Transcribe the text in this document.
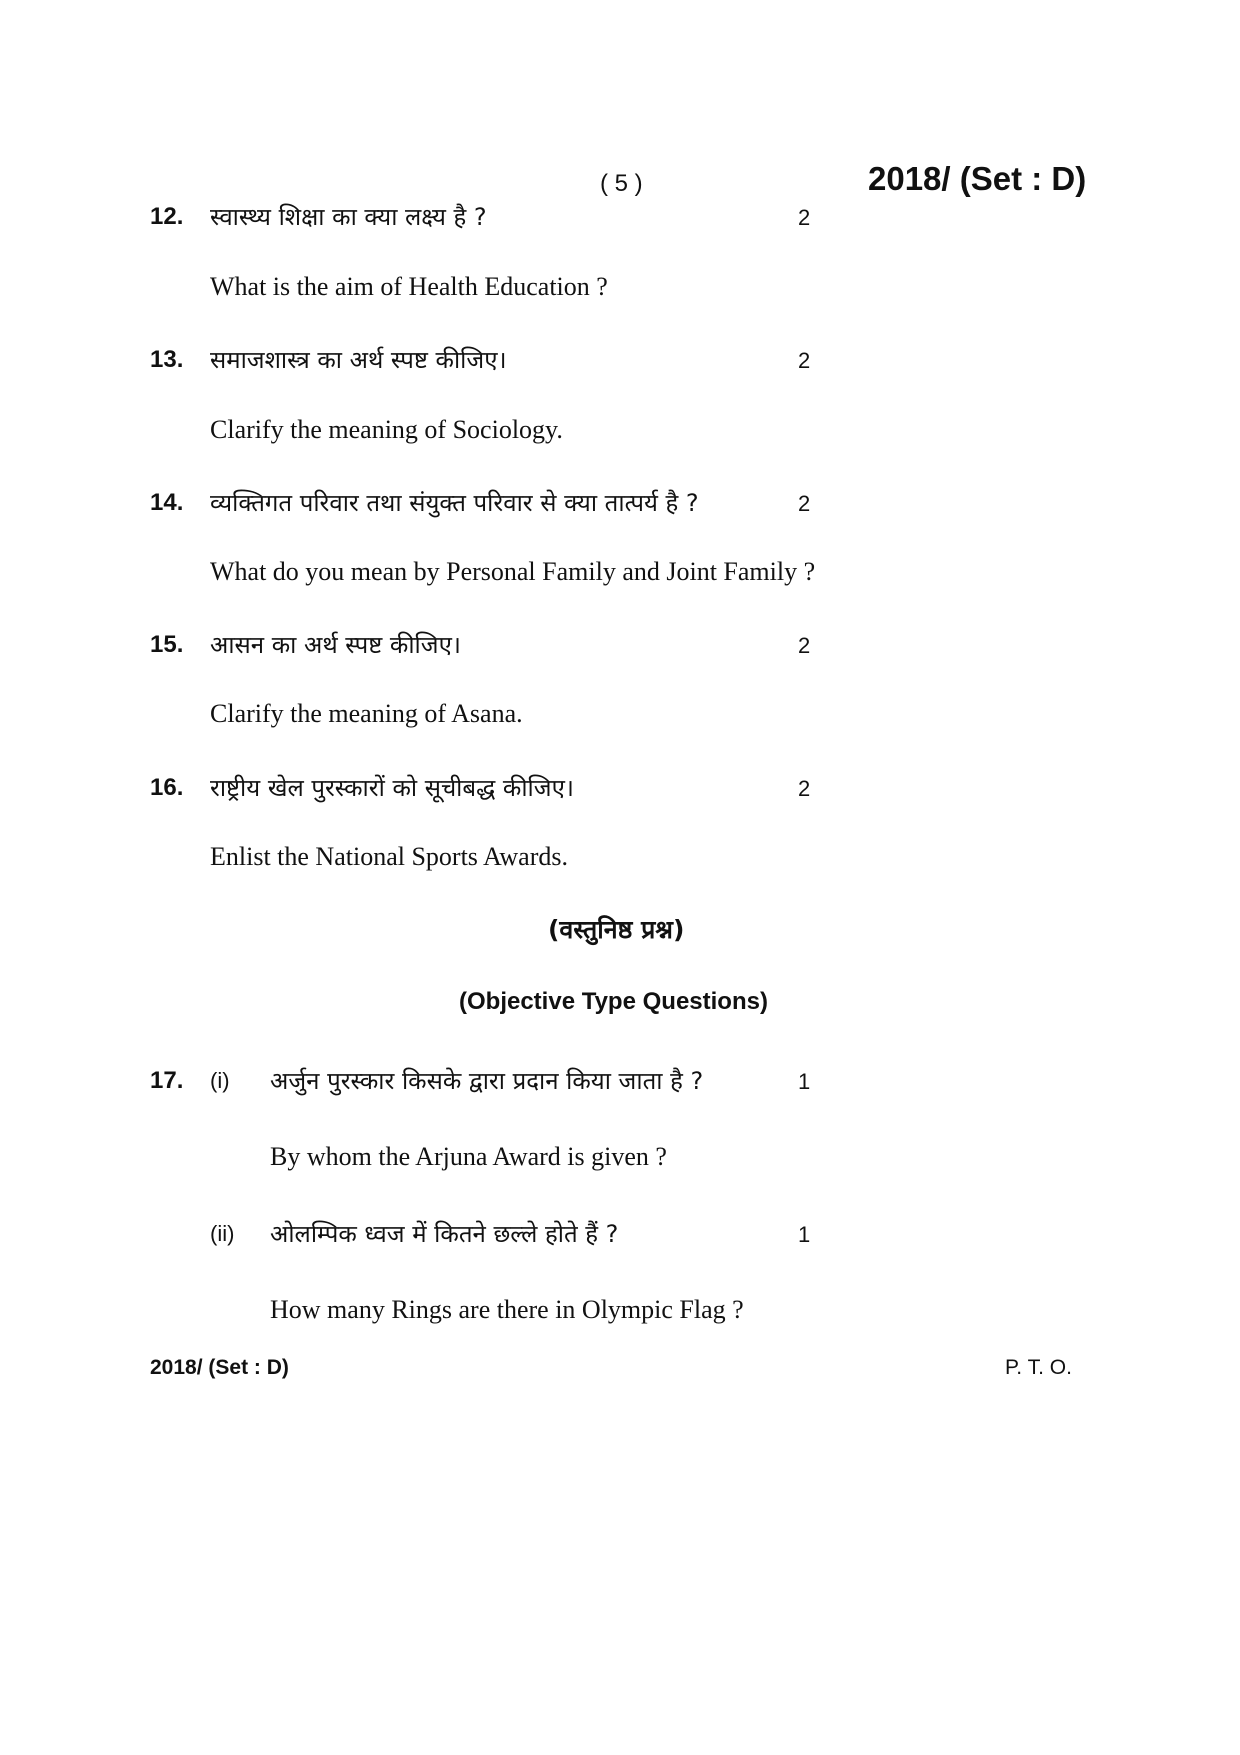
( 5 )	2018/ (Set : D)
12. स्वास्थ्य शिक्षा का क्या लक्ष्य है ?	2
What is the aim of Health Education ?
13. समाजशास्त्र का अर्थ स्पष्ट कीजिए।	2
Clarify the meaning of Sociology.
14. व्यक्तिगत परिवार तथा संयुक्त परिवार से क्या तात्पर्य है ?	2
What do you mean by Personal Family and Joint Family ?
15. आसन का अर्थ स्पष्ट कीजिए।	2
Clarify the meaning of Asana.
16. राष्ट्रीय खेल पुरस्कारों को सूचीबद्ध कीजिए।	2
Enlist the National Sports Awards.
(वस्तुनिष्ठ प्रश्न)
(Objective Type Questions)
17. (i) अर्जुन पुरस्कार किसके द्वारा प्रदान किया जाता है ?	1
By whom the Arjuna Award is given ?
(ii) ओलम्पिक ध्वज में कितने छल्ले होते हैं ?	1
How many Rings are there in Olympic Flag ?
2018/ (Set : D)	P. T. O.
